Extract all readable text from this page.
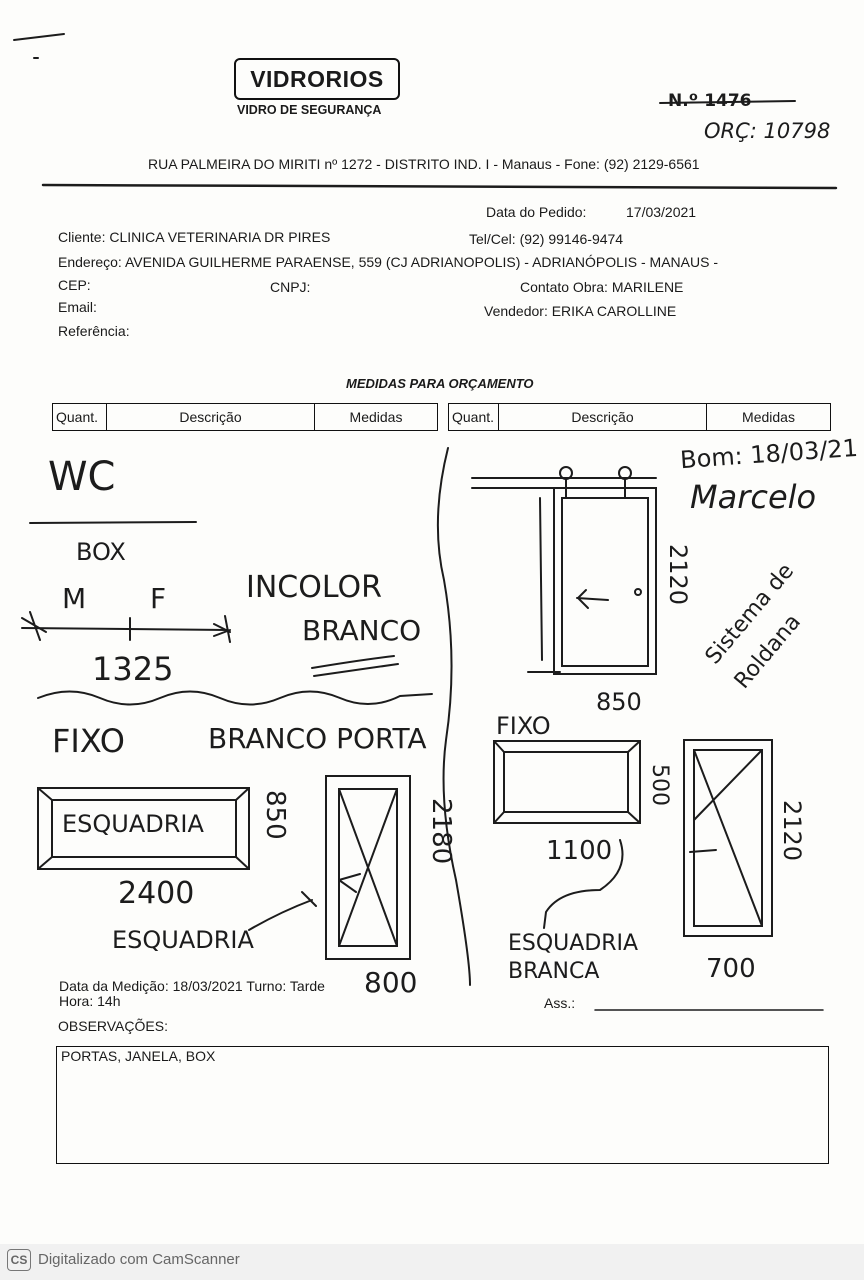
VIDRORIOS
VIDRO DE SEGURANÇA	N.º 1476
ORÇ: 10798
RUA PALMEIRA DO MIRITI nº 1272 - DISTRITO IND. I - Manaus - Fone: (92) 2129-6561
Data do Pedido:	17/03/2021
Cliente: CLINICA VETERINARIA DR PIRES	Tel/Cel: (92) 99146-9474
Endereço: AVENIDA GUILHERME PARAENSE, 559 (CJ ADRIANOPOLIS) - ADRIANÓPOLIS - MANAUS -
CEP:	CNPJ:	Contato Obra: MARILENE
Email:	Vendedor: ERIKA CAROLLINE
Referência:
MEDIDAS PARA ORÇAMENTO
Quant.	Descrição	Medidas	Quant.	Descrição	Medidas
WC
BOX
M F
1325
INCOLOR
BRANCO
FIXO	BRANCO PORTA
ESQUADRIA 850
2400
2180
ESQUADRIA
800
Bom: 18/03/21
Marcelo
Sistema de Roldana
2120
850
FIXO
500
1100	2120
ESQUADRIA BRANCA	700
Data da Medição: 18/03/2021 Turno: Tarde
Hora: 14h	Ass.:
OBSERVAÇÕES:
PORTAS, JANELA, BOX
CS Digitalizado com CamScanner
